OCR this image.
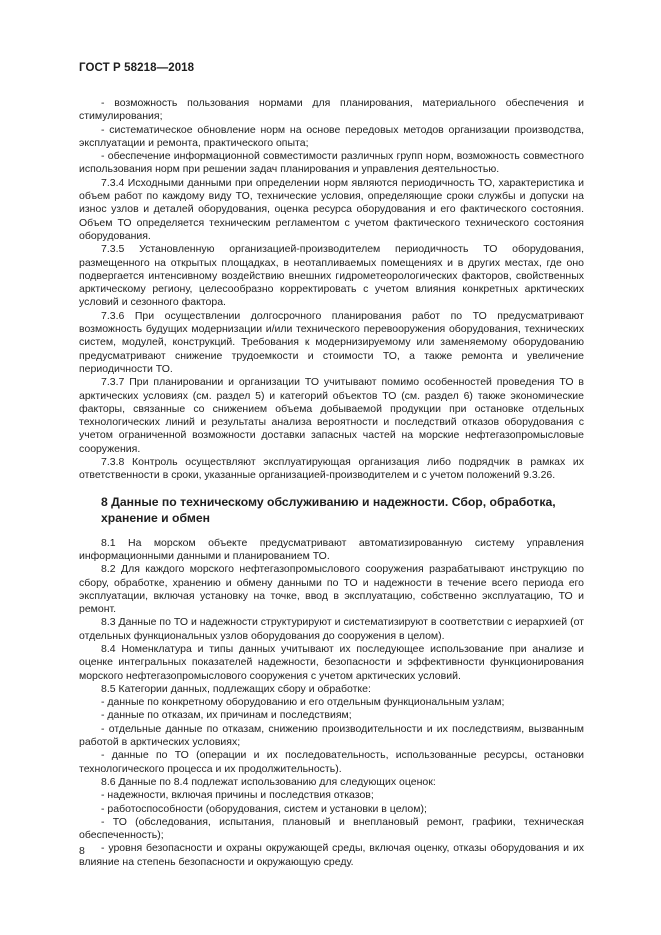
ГОСТ Р 58218—2018

- возможность пользования нормами для планирования, материального обеспечения и стимулирования;

- систематическое обновление норм на основе передовых методов организации производства, эксплуатации и ремонта, практического опыта;

- обеспечение информационной совместимости различных групп норм, возможность совместного использования норм при решении задач планирования и управления деятельностью.

7.3.4 Исходными данными при определении норм являются периодичность ТО, характеристика и объем работ по каждому виду ТО, технические условия, определяющие сроки службы и допуски на износ узлов и деталей оборудования, оценка ресурса оборудования и его фактического состояния. Объем ТО определяется техническим регламентом с учетом фактического технического состояния оборудования.

7.3.5 Установленную организацией-производителем периодичность ТО оборудования, размещенного на открытых площадках, в неотапливаемых помещениях и в других местах, где оно подвергается интенсивному воздействию внешних гидрометеорологических факторов, свойственных арктическому региону, целесообразно корректировать с учетом влияния конкретных арктических условий и сезонного фактора.

7.3.6 При осуществлении долгосрочного планирования работ по ТО предусматривают возможность будущих модернизации и/или технического перевооружения оборудования, технических систем, модулей, конструкций. Требования к модернизируемому или заменяемому оборудованию предусматривают снижение трудоемкости и стоимости ТО, а также ремонта и увеличение периодичности ТО.

7.3.7 При планировании и организации ТО учитывают помимо особенностей проведения ТО в арктических условиях (см. раздел 5) и категорий объектов ТО (см. раздел 6) также экономические факторы, связанные со снижением объема добываемой продукции при остановке отдельных технологических линий и результаты анализа вероятности и последствий отказов оборудования с учетом ограниченной возможности доставки запасных частей на морские нефтегазопромысловые сооружения.

7.3.8 Контроль осуществляют эксплуатирующая организация либо подрядчик в рамках их ответственности в сроки, указанные организацией-производителем и с учетом положений 9.3.26.

8 Данные по техническому обслуживанию и надежности. Сбор, обработка, хранение и обмен

8.1 На морском объекте предусматривают автоматизированную систему управления информационными данными и планированием ТО.

8.2 Для каждого морского нефтегазопромыслового сооружения разрабатывают инструкцию по сбору, обработке, хранению и обмену данными по ТО и надежности в течение всего периода его эксплуатации, включая установку на точке, ввод в эксплуатацию, собственно эксплуатацию, ТО и ремонт.

8.3 Данные по ТО и надежности структурируют и систематизируют в соответствии с иерархией (от отдельных функциональных узлов оборудования до сооружения в целом).

8.4 Номенклатура и типы данных учитывают их последующее использование при анализе и оценке интегральных показателей надежности, безопасности и эффективности функционирования морского нефтегазопромыслового сооружения с учетом арктических условий.

8.5 Категории данных, подлежащих сбору и обработке:

- данные по конкретному оборудованию и его отдельным функциональным узлам;

- данные по отказам, их причинам и последствиям;

- отдельные данные по отказам, снижению производительности и их последствиям, вызванным работой в арктических условиях;

- данные по ТО (операции и их последовательность, использованные ресурсы, остановки технологического процесса и их продолжительность).

8.6 Данные по 8.4 подлежат использованию для следующих оценок:

- надежности, включая причины и последствия отказов;

- работоспособности (оборудования, систем и установки в целом);

- ТО (обследования, испытания, плановый и внеплановый ремонт, графики, техническая обеспеченность);

- уровня безопасности и охраны окружающей среды, включая оценку, отказы оборудования и их влияние на степень безопасности и окружающую среду.

8
